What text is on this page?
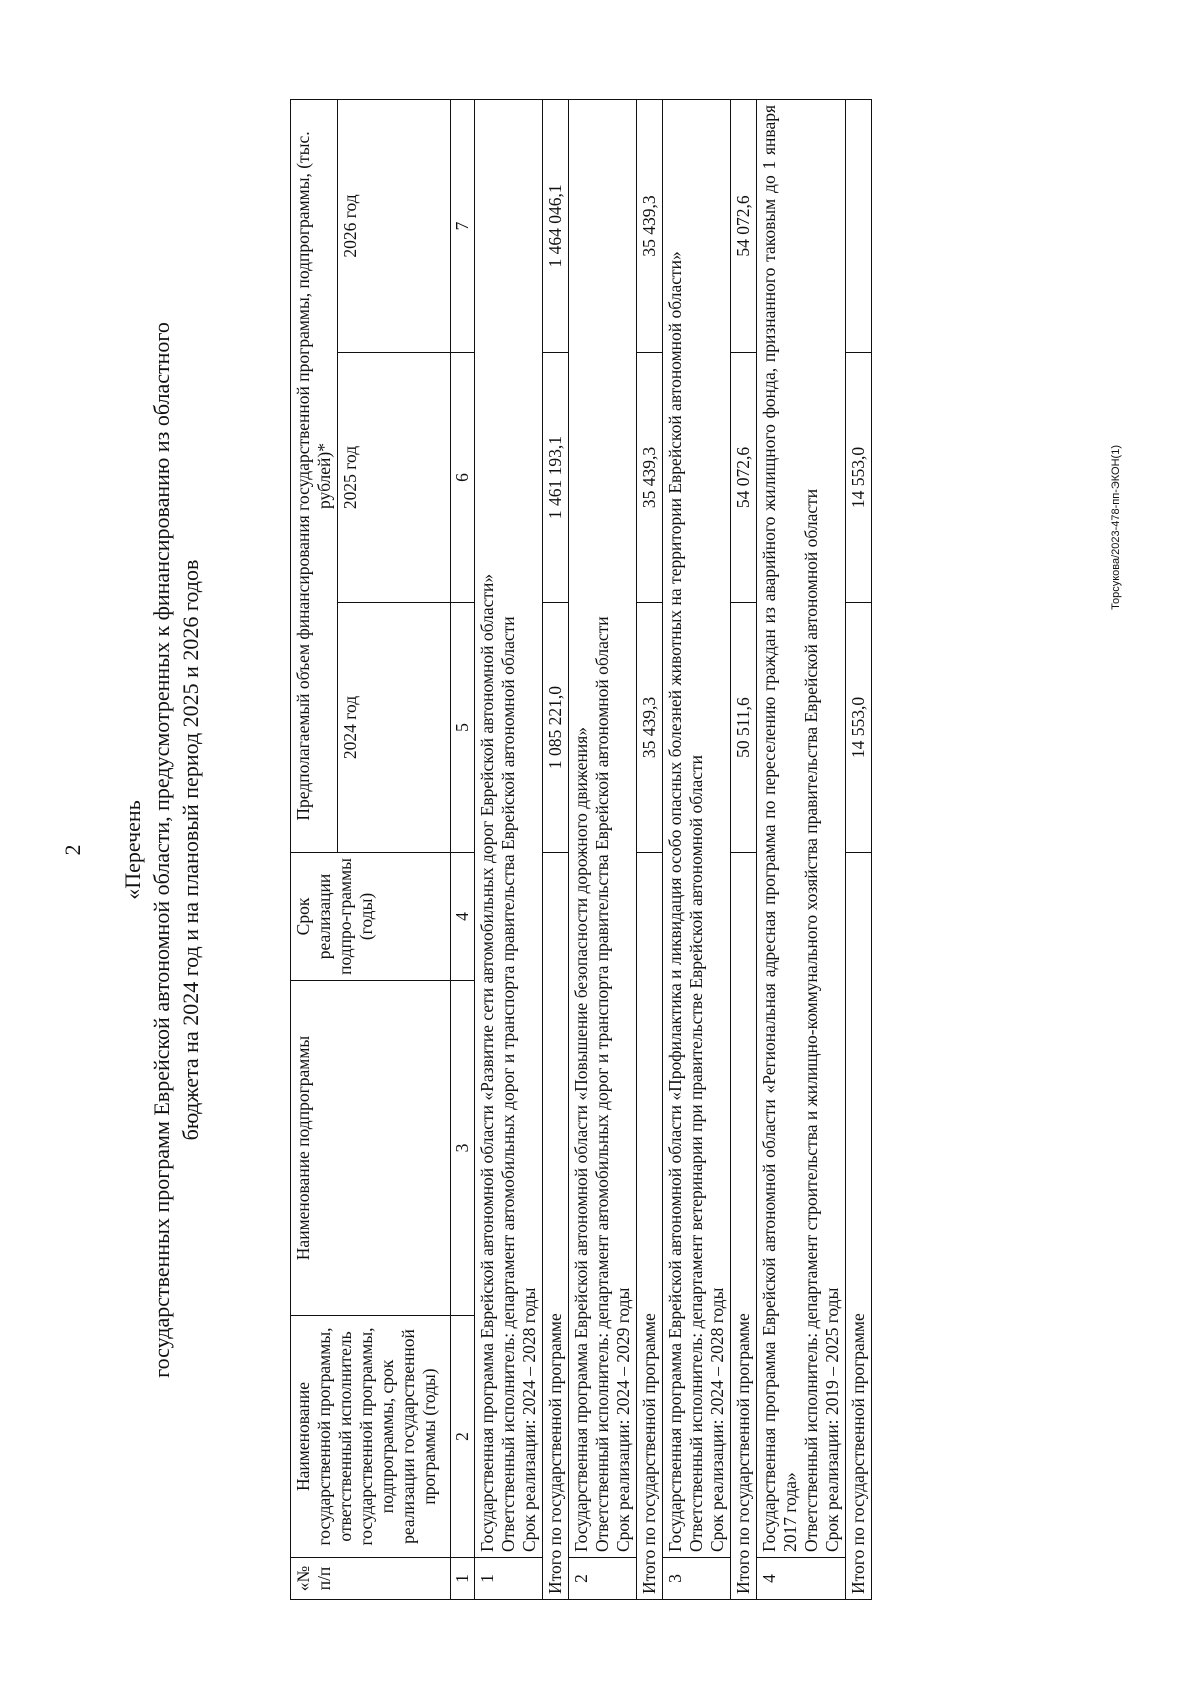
2 «Перечень государственных программ Еврейской автономной области, предусмотренных к финансированию из областного бюджета на 2024 год и на плановый период 2025 и 2026 годов
«№ п/п	Наименование государственной программы, ответственный исполнитель государственной программы, подпрограммы, срок реализации государственной программы (годы)	Наименование подпрограммы	Срок реализации подпро-граммы (годы)	Предполагаемый объем финансирования государственной программы, подпрограммы, (тыс. рублей)*		
				2024 год	2025 год	2026 год
1	2	3	4	5	6	7
1	Государственная программа Еврейской автономной области «Развитие сети автомобильных дорог Еврейской автономной области» Ответственный исполнитель: департамент автомобильных дорог и транспорта правительства Еврейской автономной области Срок реализации: 2024 – 2028 годы					

Итого по государственной программе				1 085 221,0	1 461 193,1	1 464 046,1
2	Государственная программа Еврейской автономной области «Повышение безопасности дорожного движения» Ответственный исполнитель: департамент автомобильных дорог и транспорта правительства Еврейской автономной области Срок реализации: 2024 – 2029 годы					

Итого по государственной программе				35 439,3	35 439,3	35 439,3
3	Государственная программа Еврейской автономной области «Профилактика и ликвидация особо опасных болезней животных на территории Еврейской автономной области» Ответственный исполнитель: департамент ветеринарии при правительстве Еврейской автономной области Срок реализации: 2024 – 2028 годы					

Итого по государственной программе				50 511,6	54 072,6	54 072,6
4	Государственная программа Еврейской автономной области «Региональная адресная программа по переселению граждан из аварийного жилищного фонда, признанного таковым до 1 января 2017 года» Ответственный исполнитель: департамент строительства и жилищно-коммунального хозяйства правительства Еврейской автономной области Срок реализации: 2019 – 2025 годы					

Итого по государственной программе				14 553,0	14 553,0		Торсукова/2023-478-пп-ЭКОН(1)
